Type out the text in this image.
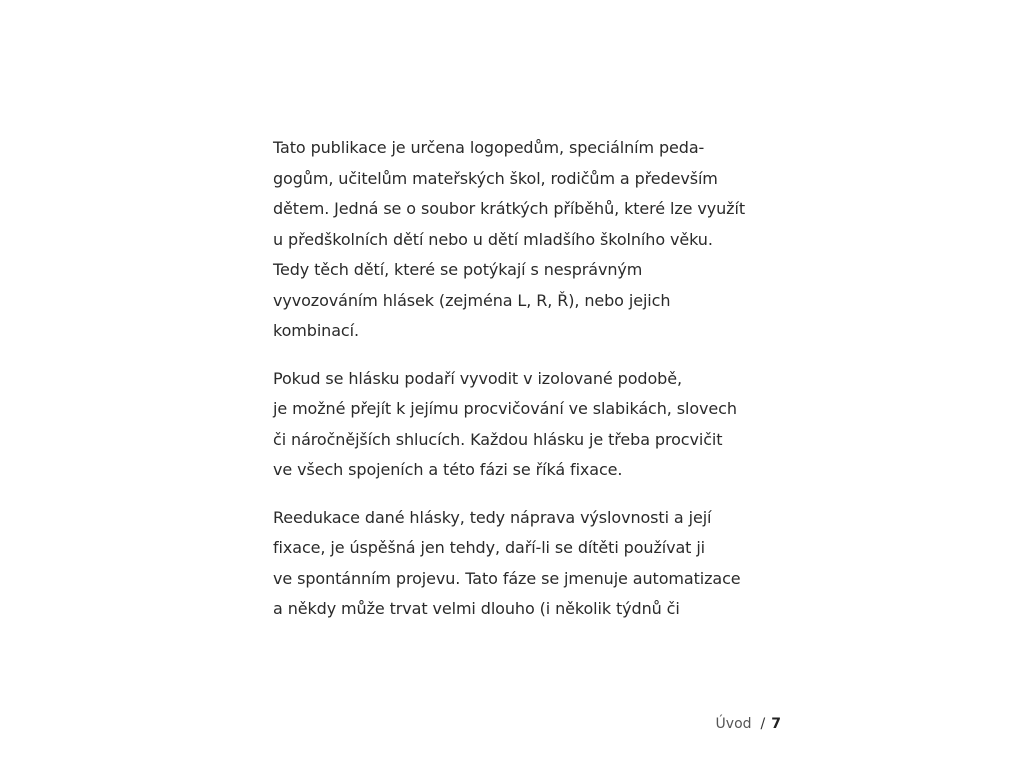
Tato publikace je určena logopedům, speciálním peda-
gogům, učitelům mateřských škol, rodičům a především
dětem. Jedná se o soubor krátkých příběhů, které lze využít
u předškolních dětí nebo u dětí mladšího školního věku.
Tedy těch dětí, které se potýkají s nesprávným
vyvozováním hlásek (zejména L, R, Ř), nebo jejich
kombinací.

Pokud se hlásku podaří vyvodit v izolované podobě,
je možné přejít k jejímu procvičování ve slabikách, slovech
či náročnějších shlucích. Každou hlásku je třeba procvičit
ve všech spojeních a této fázi se říká fixace.

Reedukace dané hlásky, tedy náprava výslovnosti a její
fixace, je úspěšná jen tehdy, daří-li se dítěti používat ji
ve spontánním projevu. Tato fáze se jmenuje automatizace
a někdy může trvat velmi dlouho (i několik týdnů či

Úvod / 7
